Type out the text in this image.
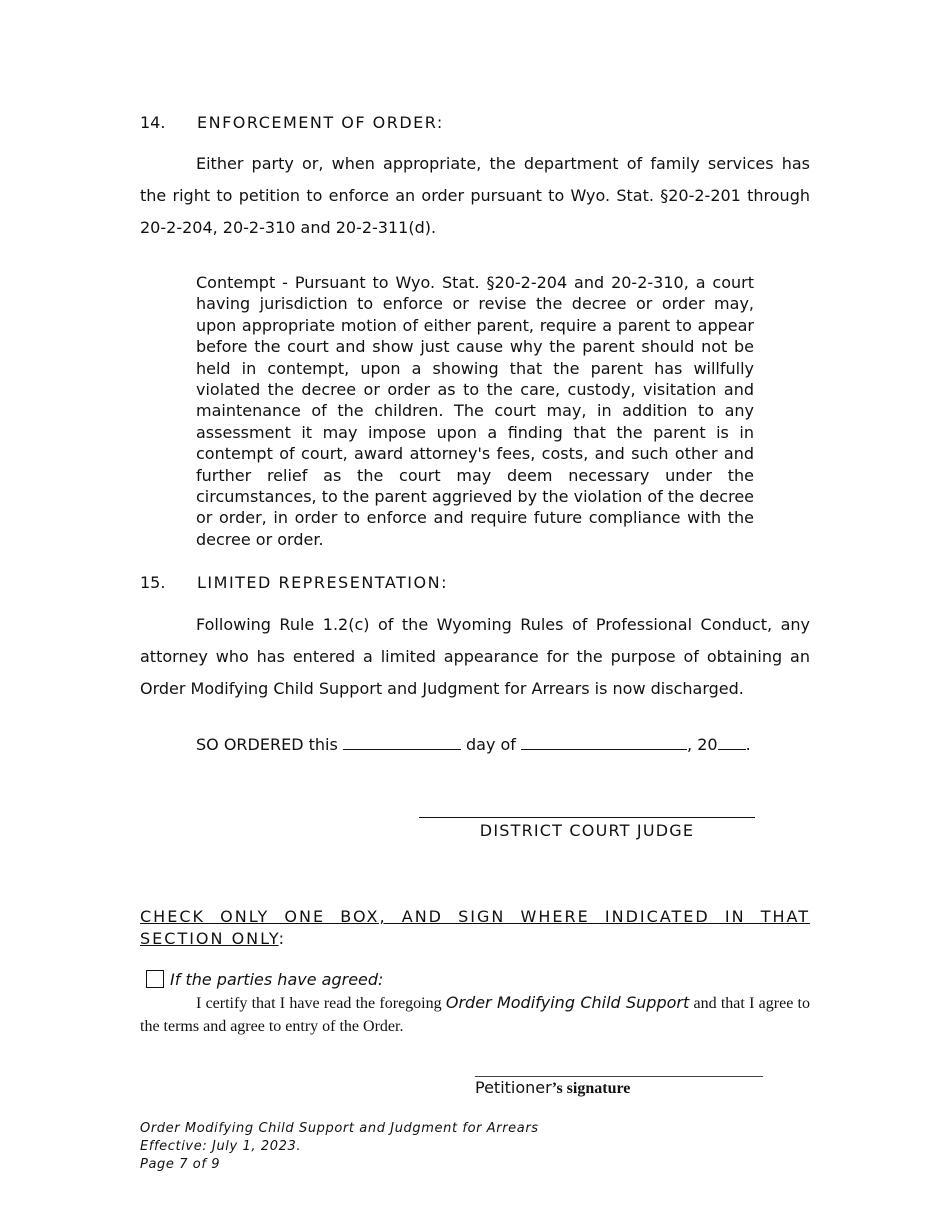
14. ENFORCEMENT OF ORDER:
Either party or, when appropriate, the department of family services has the right to petition to enforce an order pursuant to Wyo. Stat. §20-2-201 through 20-2-204, 20-2-310 and 20-2-311(d).
Contempt - Pursuant to Wyo. Stat. §20-2-204 and 20-2-310, a court having jurisdiction to enforce or revise the decree or order may, upon appropriate motion of either parent, require a parent to appear before the court and show just cause why the parent should not be held in contempt, upon a showing that the parent has willfully violated the decree or order as to the care, custody, visitation and maintenance of the children. The court may, in addition to any assessment it may impose upon a finding that the parent is in contempt of court, award attorney's fees, costs, and such other and further relief as the court may deem necessary under the circumstances, to the parent aggrieved by the violation of the decree or order, in order to enforce and require future compliance with the decree or order.
15. LIMITED REPRESENTATION:
Following Rule 1.2(c) of the Wyoming Rules of Professional Conduct, any attorney who has entered a limited appearance for the purpose of obtaining an Order Modifying Child Support and Judgment for Arrears is now discharged.
SO ORDERED this	day of	, 20 .
DISTRICT COURT JUDGE
CHECK ONLY ONE BOX, AND SIGN WHERE INDICATED IN THAT SECTION ONLY:
If the parties have agreed:
I certify that I have read the foregoing Order Modifying Child Support and that I agree to the terms and agree to entry of the Order.
____________________________________
Petitioner’s signature
Order Modifying Child Support and Judgment for Arrears
Effective: July 1, 2023.
Page 7 of 9
